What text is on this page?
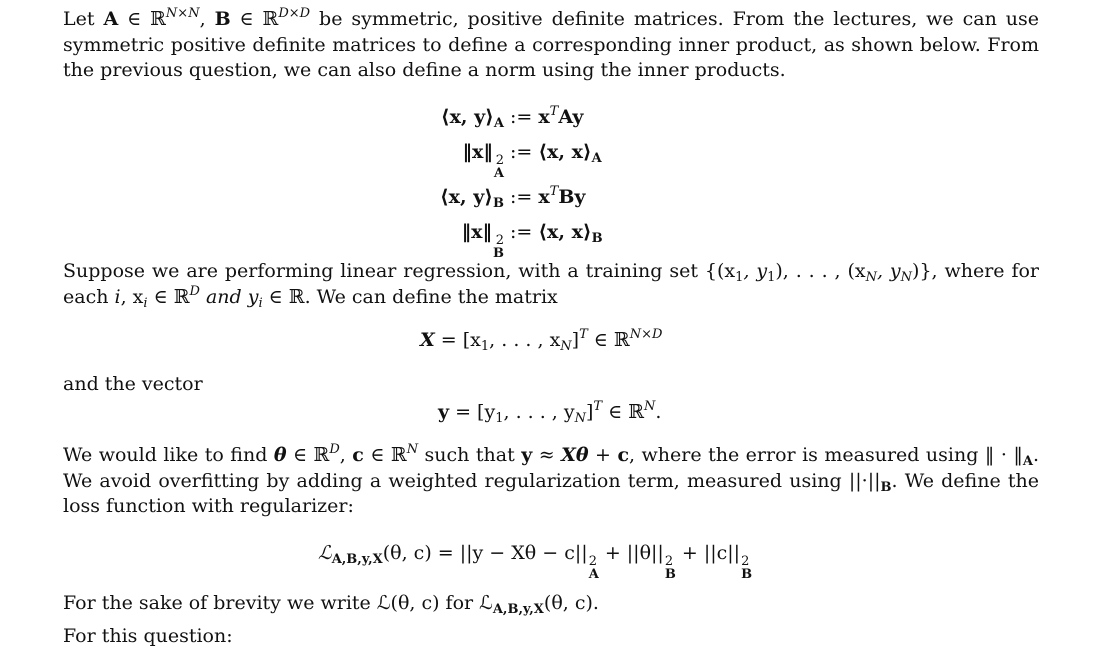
Let A ∈ ℝ$^{N\times N}$, B ∈ ℝ$^{D\times D}$ be symmetric, positive definite matrices. From the lectures, we can use symmetric positive definite matrices to define a corresponding inner product, as shown below. From the previous question, we can also define a norm using the inner products.
⟨x, $y⟩_A$ := $x^TAy$
‖x‖ 2
A
:= ⟨x, $x⟩_A$
⟨x, $y⟩_B$ := $x^TBy$
‖x‖ 2
B
:= ⟨x, $x⟩_B$
Suppose we are performing linear regression, with a training set {($x_1$, $y_1$), . . . , ($x_N$, $y_N$)}, where for each i, $x_i$ ∈ ℝ$^D$ and $y_i$ ∈ ℝ. We can define the matrix
$X = [x_1$, . . . , $x_N]^T$ ∈ ℝ$^{N\times D}$
and the vector
$y = [y_1$, . . . , $y_N]^T$ ∈ ℝ$^N$.
We would like to find θ ∈ ℝ$^D$, c ∈ ℝ$^N$ such that y ≈ Xθ + c, where the error is measured using ‖ · $‖_A$. We avoid overfitting by adding a weighted regularization term, measured using $||\cdot||_B$. We define the loss function with regularizer:
ℒ$_{A,B,y,X}$(θ, c) = ||y − Xθ − c|| 2
A
+ ||θ|| 2
B
+ ||c|| 2
B
For the sake of brevity we write ℒ(θ, c) for ℒ$_{A,B,y,X}$(θ, c).
For this question:
